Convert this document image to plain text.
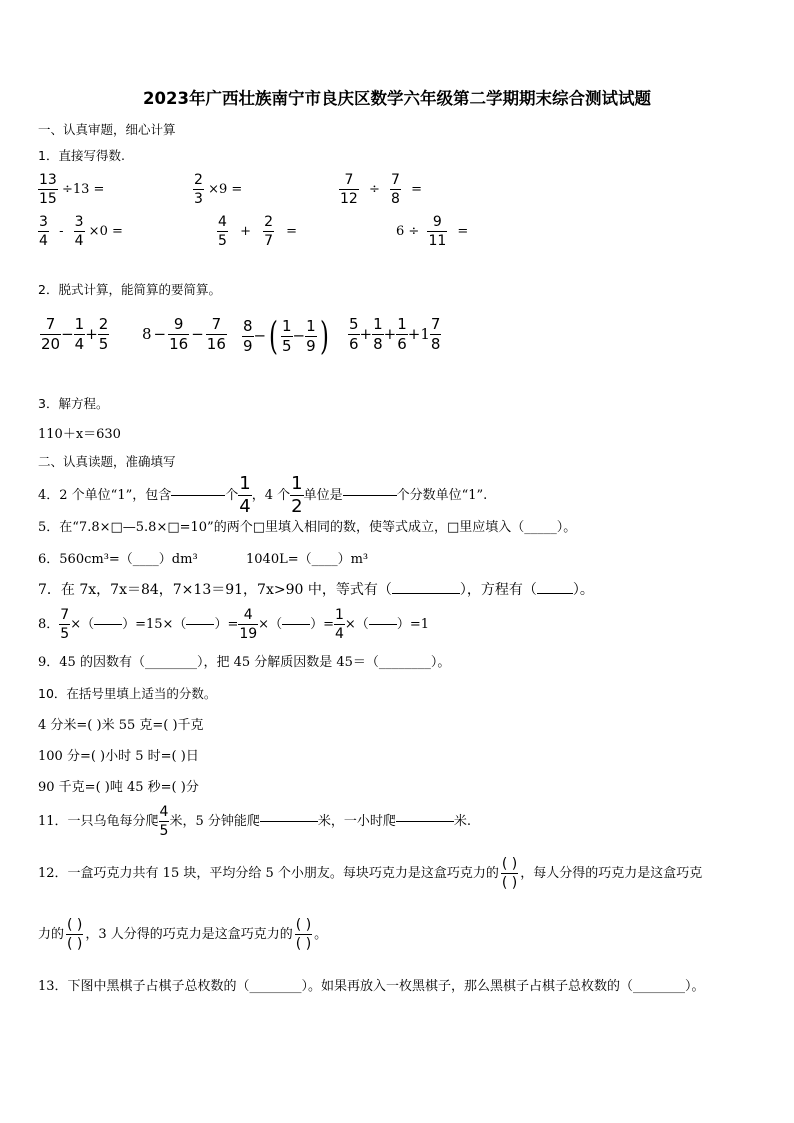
2023年广西壮族南宁市良庆区数学六年级第二学期期末综合测试试题
一、认真审题，细心计算
1．直接写得数.
$\frac{13}{15} \div 13$ =	$\frac{2}{3} \times 9$ =	$\frac{7}{12} \div \frac{7}{8}$ =
$\frac{3}{4} - \frac{3}{4} \times 0$ =	$\frac{4}{5} + \frac{2}{7}$ =	$6 \div \frac{9}{11}$ =
2．脱式计算，能简算的要简算。
$\frac{7}{20} - \frac{1}{4} + \frac{2}{5} 8 - \frac{9}{16} - \frac{7}{16} \frac{8}{9}$ −( $\frac{1}{5} - \frac{1}{9}$ ) $\frac{5}{6} + \frac{1}{8} + \frac{1}{6} +1 \frac{7}{8}$
3．解方程。
110＋x＝630
二、认真读题，准确填写
4．2 个单位“1”，包含	个 $\frac{1}{4}$ ，4 个 $\frac{1}{2}$ 单位是	个分数单位“1”.
5．在“7.8×□—5.8×□=10”的两个□里填入相同的数，使等式成立，□里应填入（_____）。
6．560cm³=（____）dm³	1040L=（____）m³
7．在 7x，7x＝84，7×13＝91，7x>90 中，等式有（	），方程有（	）。
8． $\frac{7}{5}$ ×（ ）=15×（ ）= $\frac{4}{19}$ ×（ ）= $\frac{1}{4}$ ×（ ）=1
9．45 的因数有（________），把 45 分解质因数是 45＝（________）。
10．在括号里填上适当的分数。
4 分米=( )米 55 克=( )千克
100 分=( )小时 5 时=( )日
90 千克=( )吨 45 秒=( )分
11．一只乌龟每分爬 $\frac{4}{5}$ 米，5 分钟能爬	米，一小时爬	米.
12．一盒巧克力共有 15 块，平均分给 5 个小朋友。每块巧克力是这盒巧克力的 $\frac{( )}{( )}$ ，每人分得的巧克力是这盒巧克
力的 $\frac{( )}{( )}$ ，3 人分得的巧克力是这盒巧克力的 $\frac{( )}{( )}$ 。
13．下图中黑棋子占棋子总枚数的（________）。如果再放入一枚黑棋子，那么黑棋子占棋子总枚数的（________）。
